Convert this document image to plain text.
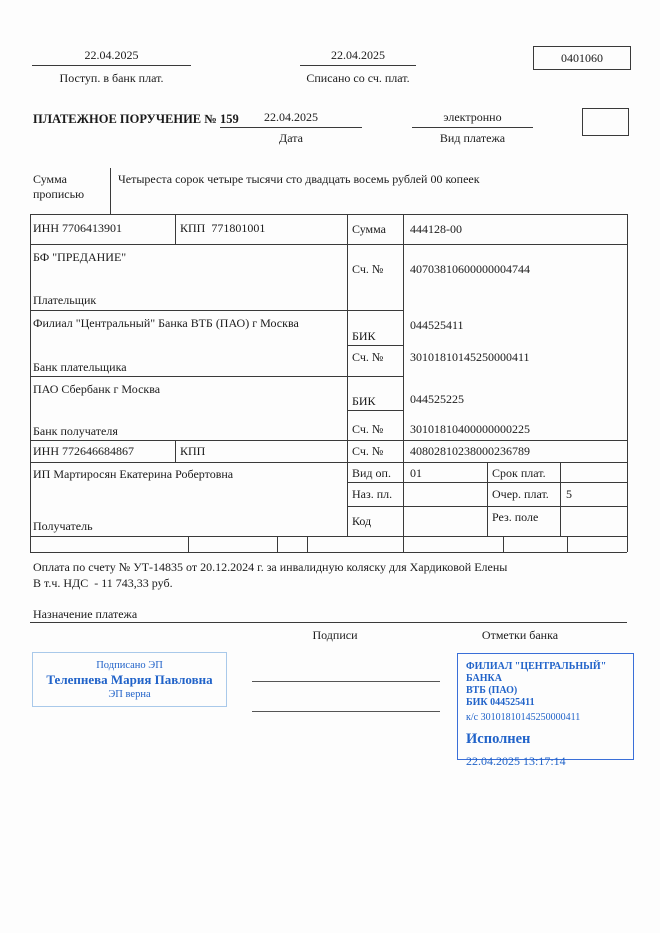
22.04.2025
Поступ. в банк плат.
22.04.2025
Списано со сч. плат.
0401060
ПЛАТЕЖНОЕ ПОРУЧЕНИЕ № 159	22.04.2025
Дата
электронно
Вид платежа
Сумма
прописью
Четыреста сорок четыре тысячи сто двадцать восемь рублей 00 копеек
ИНН 7706413901	КПП  771801001	Сумма 444128-00
БФ "ПРЕДАНИЕ"
Сч. № 40703810600000004744
Плательщик
Филиал "Центральный" Банка ВТБ (ПАО) г Москва	044525411
БИК
Сч. № 30101810145250000411
Банк плательщика
ПАО Сбербанк г Москва
044525225
БИК
Сч. № 30101810400000000225
Банк получателя
ИНН 772646684867	КПП	Сч. № 40802810238000236789
ИП Мартиросян Екатерина Робертовна	Вид оп. 01	Срок плат.
Наз. пл.	Очер. плат. 5
Код	Рез. поле
Получатель
Оплата по счету № УТ-14835 от 20.12.2024 г. за инвалидную коляску для Хардиковой Елены
В т.ч. НДС  - 11 743,33 руб.
Назначение платежа
Подписи	Отметки банка
Подписано ЭП
Телепнева Мария Павловна
ЭП верна
ФИЛИАЛ "ЦЕНТРАЛЬНЫЙ" БАНКА
ВТБ (ПАО)
БИК 044525411
к/с 30101810145250000411
Исполнен
22.04.2025 13:17:14
